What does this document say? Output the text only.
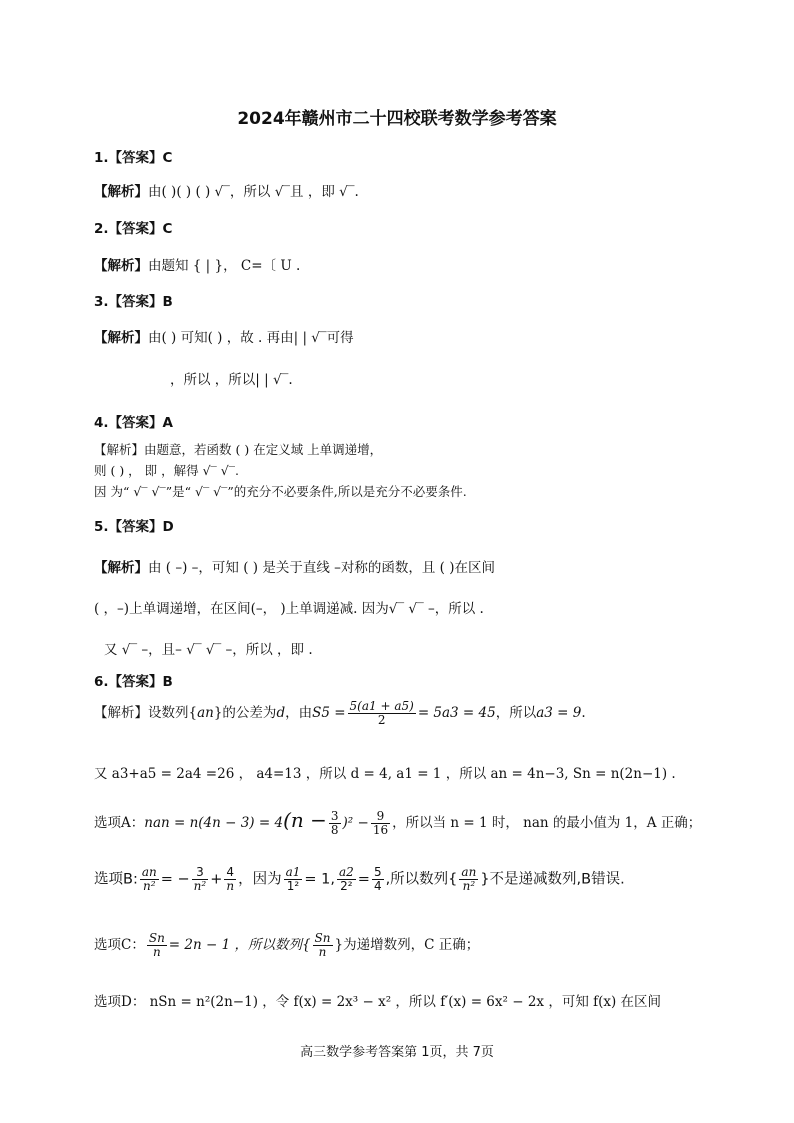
2024年赣州市二十四校联考数学参考答案
1.【答案】C
【解析】由( )( ) ( ) √‾，所以 √‾且 ，即 √‾.
2.【答案】C
【解析】由题知 { | }， C=〔 U .
3.【答案】B
【解析】由( ) 可知( ) ，故 . 再由| | √‾可得
，所以 ，所以| | √‾.
4.【答案】A
【解析】由题意，若函数 ( ) 在定义域 上单调递增，
则 ( ) ， 即 ，解得 √‾ √‾.
因 为“ √‾ √‾”是“ √‾ √‾”的充分不必要条件,所以是充分不必要条件.
5.【答案】D
【解析】由 ( –) –，可知 ( ) 是关于直线 –对称的函数，且 ( )在区间
( ，–)上单调递增，在区间(–， )上单调递减. 因为√‾ √‾ –，所以 .
又 √‾ –，且– √‾ √‾ –，所以 ，即 .
6.【答案】B
【解析】设数列{an}的公差为d，由$S5 = \frac{5(a1 + a5)}{2} = 5a3 = 45$，所以a3 = 9.
又 a3+a5 = 2a4 =26 ， a4=13 ，所以 d = 4, a1 = 1 ，所以 an = 4n−3, Sn = n(2n−1) .
选项A：nan = $n(4n - 3) = 4(n - \frac{3}{8} )^2 - \frac{9}{16}$ ，所以当 n = 1 时， nan 的最小值为 1，A 正确；
选项B: $\frac{an}{\text{n²}}$ = − $\frac{3}{\text{n²}} + \frac{4}{n}$ ，因为 $\frac{a1}{\text{1²}} = 1$, $\frac{a2}{\text{2²}} = \frac{5}{4}$ ,所以数列{ $\frac{an}{\text{n²}}$ }不是递减数列,B错误.
选项C： $\frac{Sn}{n} = 2n - 1$ ，所以数列{ $\frac{Sn}{n}$ }为递增数列，C 正确；
选项D： nSn = n²(2n−1) ，令 f(x) = 2x³ − x² ，所以 f′(x) = 6x² − 2x ，可知 f(x) 在区间
高三数学参考答案第 1页，共 7页
